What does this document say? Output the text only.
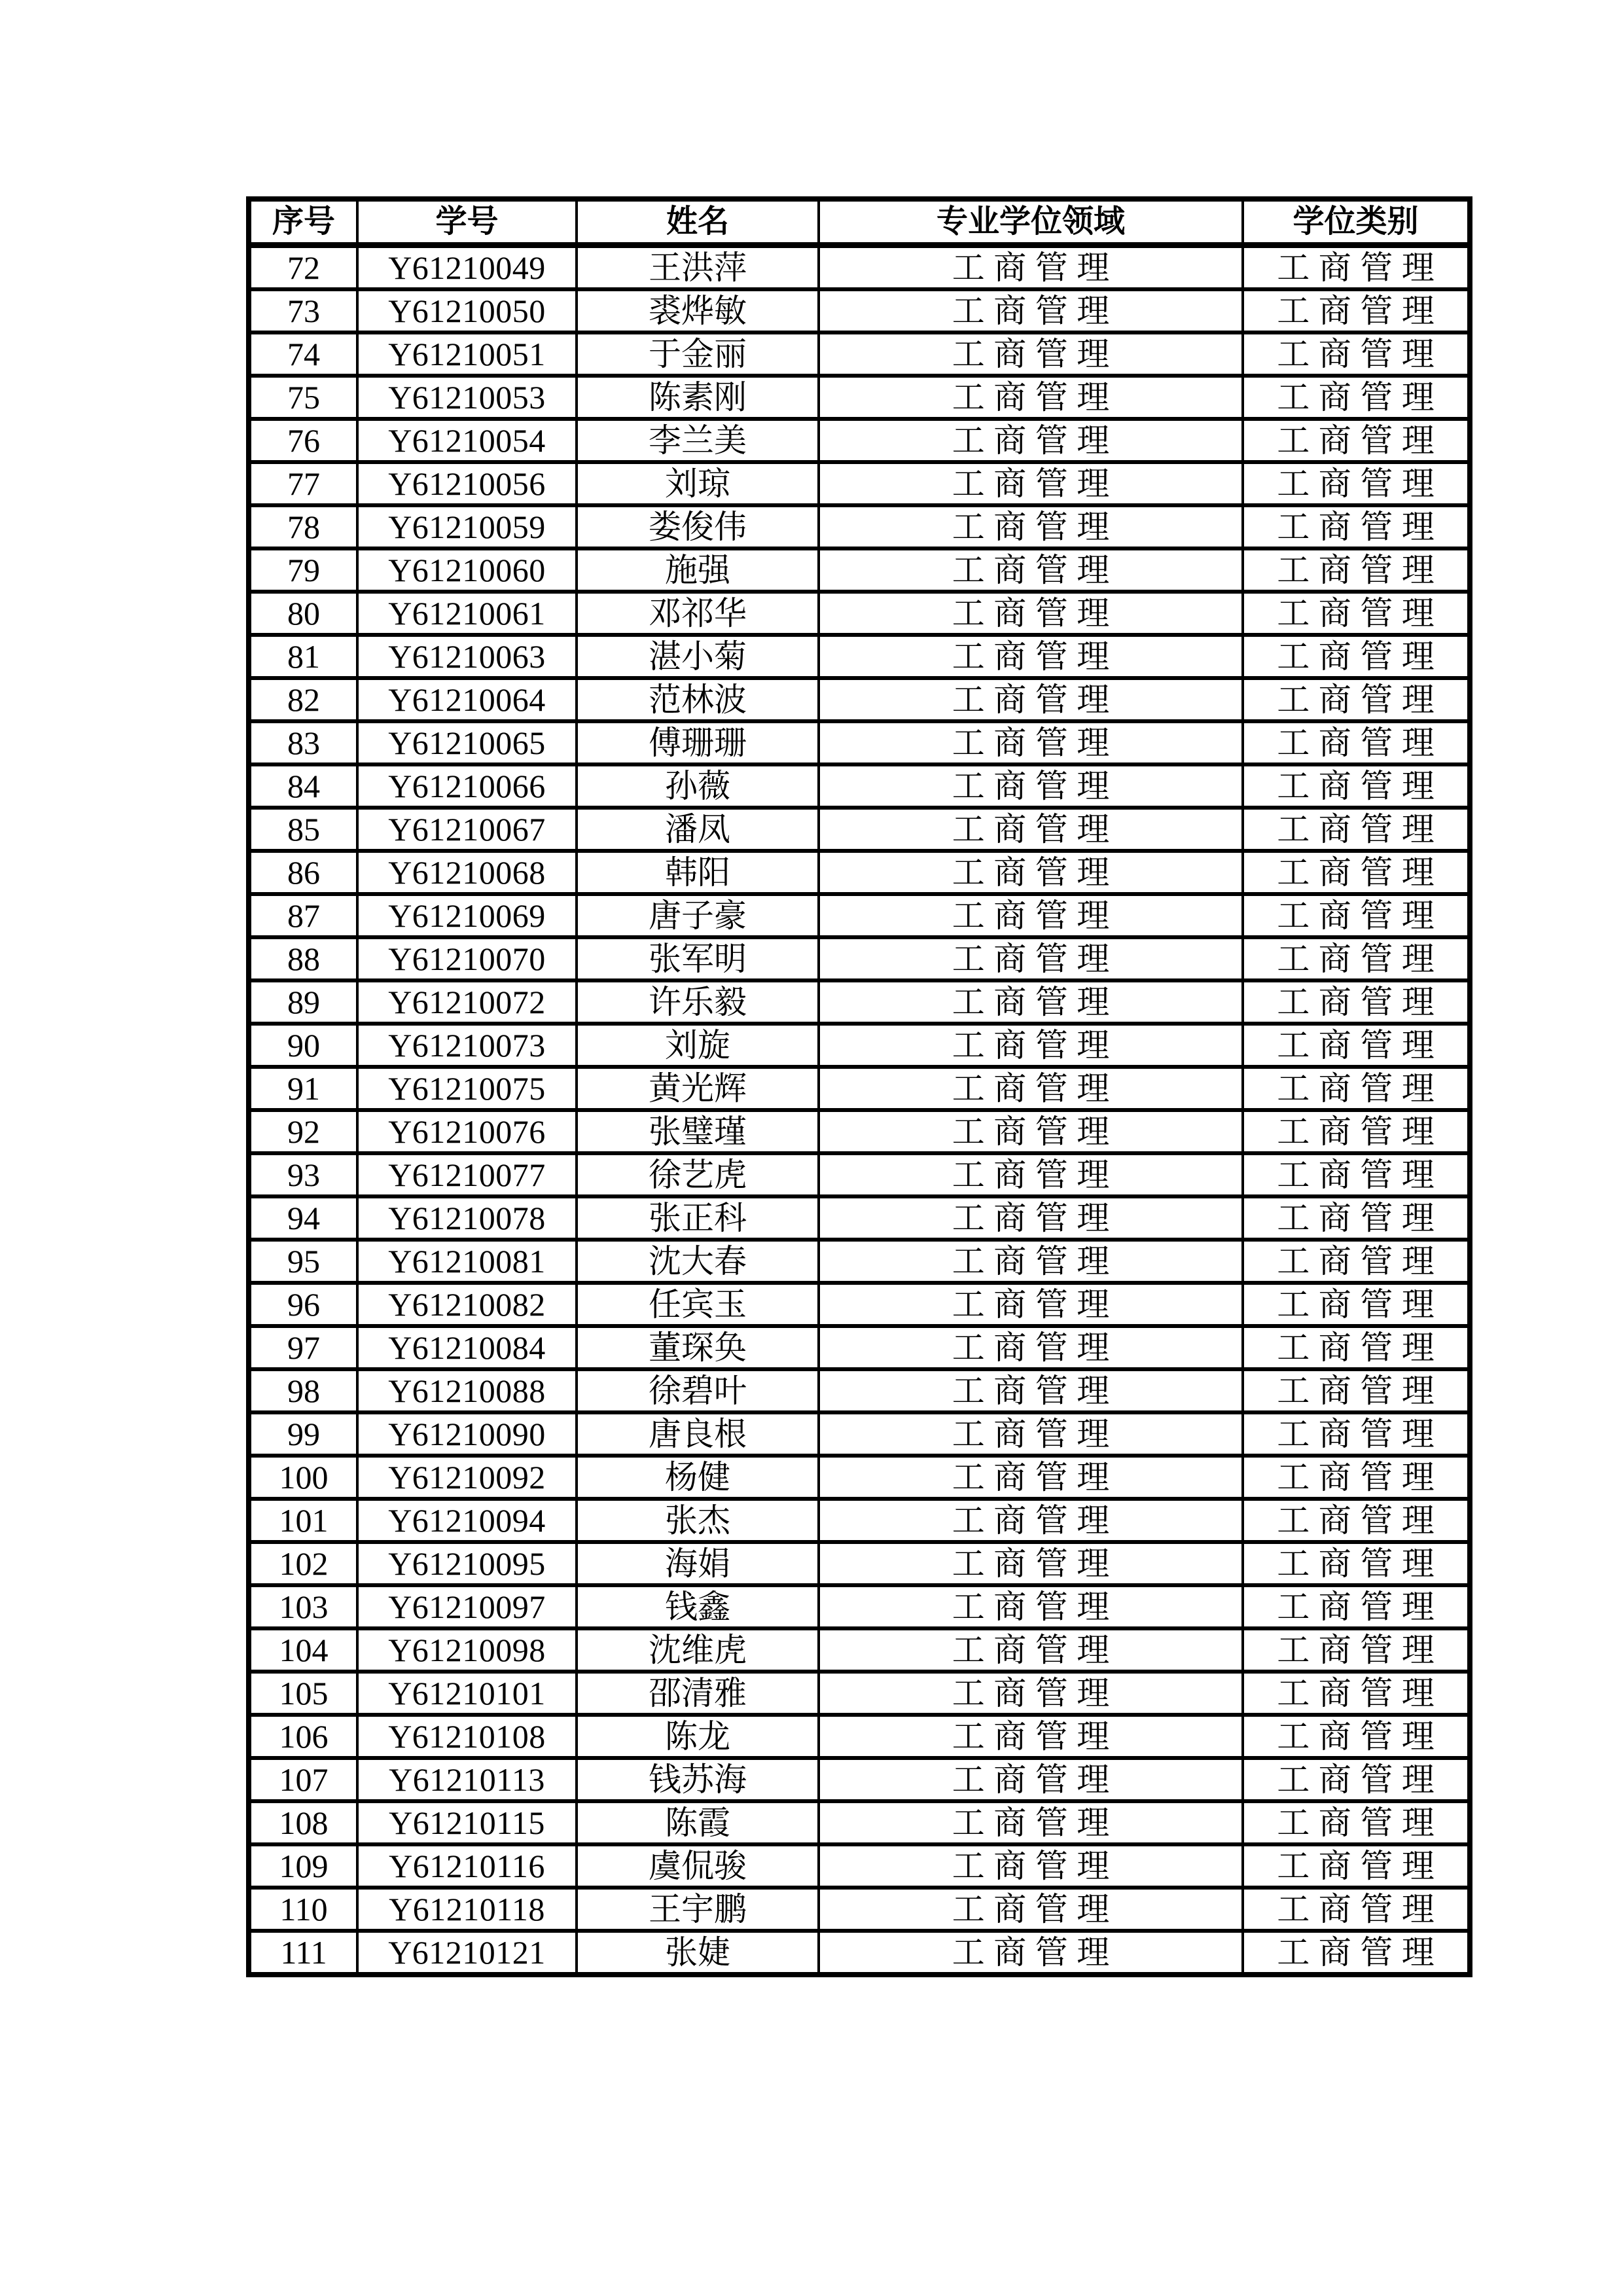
序号	学号	姓名	专业学位领域	学位类别
72	Y61210049	王洪萍	工商管理	工商管理
73	Y61210050	裘烨敏	工商管理	工商管理
74	Y61210051	于金丽	工商管理	工商管理
75	Y61210053	陈素刚	工商管理	工商管理
76	Y61210054	李兰美	工商管理	工商管理
77	Y61210056	刘琼	工商管理	工商管理
78	Y61210059	娄俊伟	工商管理	工商管理
79	Y61210060	施强	工商管理	工商管理
80	Y61210061	邓祁华	工商管理	工商管理
81	Y61210063	湛小菊	工商管理	工商管理
82	Y61210064	范林波	工商管理	工商管理
83	Y61210065	傅珊珊	工商管理	工商管理
84	Y61210066	孙薇	工商管理	工商管理
85	Y61210067	潘凤	工商管理	工商管理
86	Y61210068	韩阳	工商管理	工商管理
87	Y61210069	唐子豪	工商管理	工商管理
88	Y61210070	张军明	工商管理	工商管理
89	Y61210072	许乐毅	工商管理	工商管理
90	Y61210073	刘旋	工商管理	工商管理
91	Y61210075	黄光辉	工商管理	工商管理
92	Y61210076	张璧瑾	工商管理	工商管理
93	Y61210077	徐艺虎	工商管理	工商管理
94	Y61210078	张正科	工商管理	工商管理
95	Y61210081	沈大春	工商管理	工商管理
96	Y61210082	任宾玉	工商管理	工商管理
97	Y61210084	董琛奂	工商管理	工商管理
98	Y61210088	徐碧叶	工商管理	工商管理
99	Y61210090	唐良根	工商管理	工商管理
100	Y61210092	杨健	工商管理	工商管理
101	Y61210094	张杰	工商管理	工商管理
102	Y61210095	海娟	工商管理	工商管理
103	Y61210097	钱鑫	工商管理	工商管理
104	Y61210098	沈维虎	工商管理	工商管理
105	Y61210101	邵清雅	工商管理	工商管理
106	Y61210108	陈龙	工商管理	工商管理
107	Y61210113	钱苏海	工商管理	工商管理
108	Y61210115	陈霞	工商管理	工商管理
109	Y61210116	虞侃骏	工商管理	工商管理
110	Y61210118	王宇鹏	工商管理	工商管理
111	Y61210121	张婕	工商管理	工商管理
